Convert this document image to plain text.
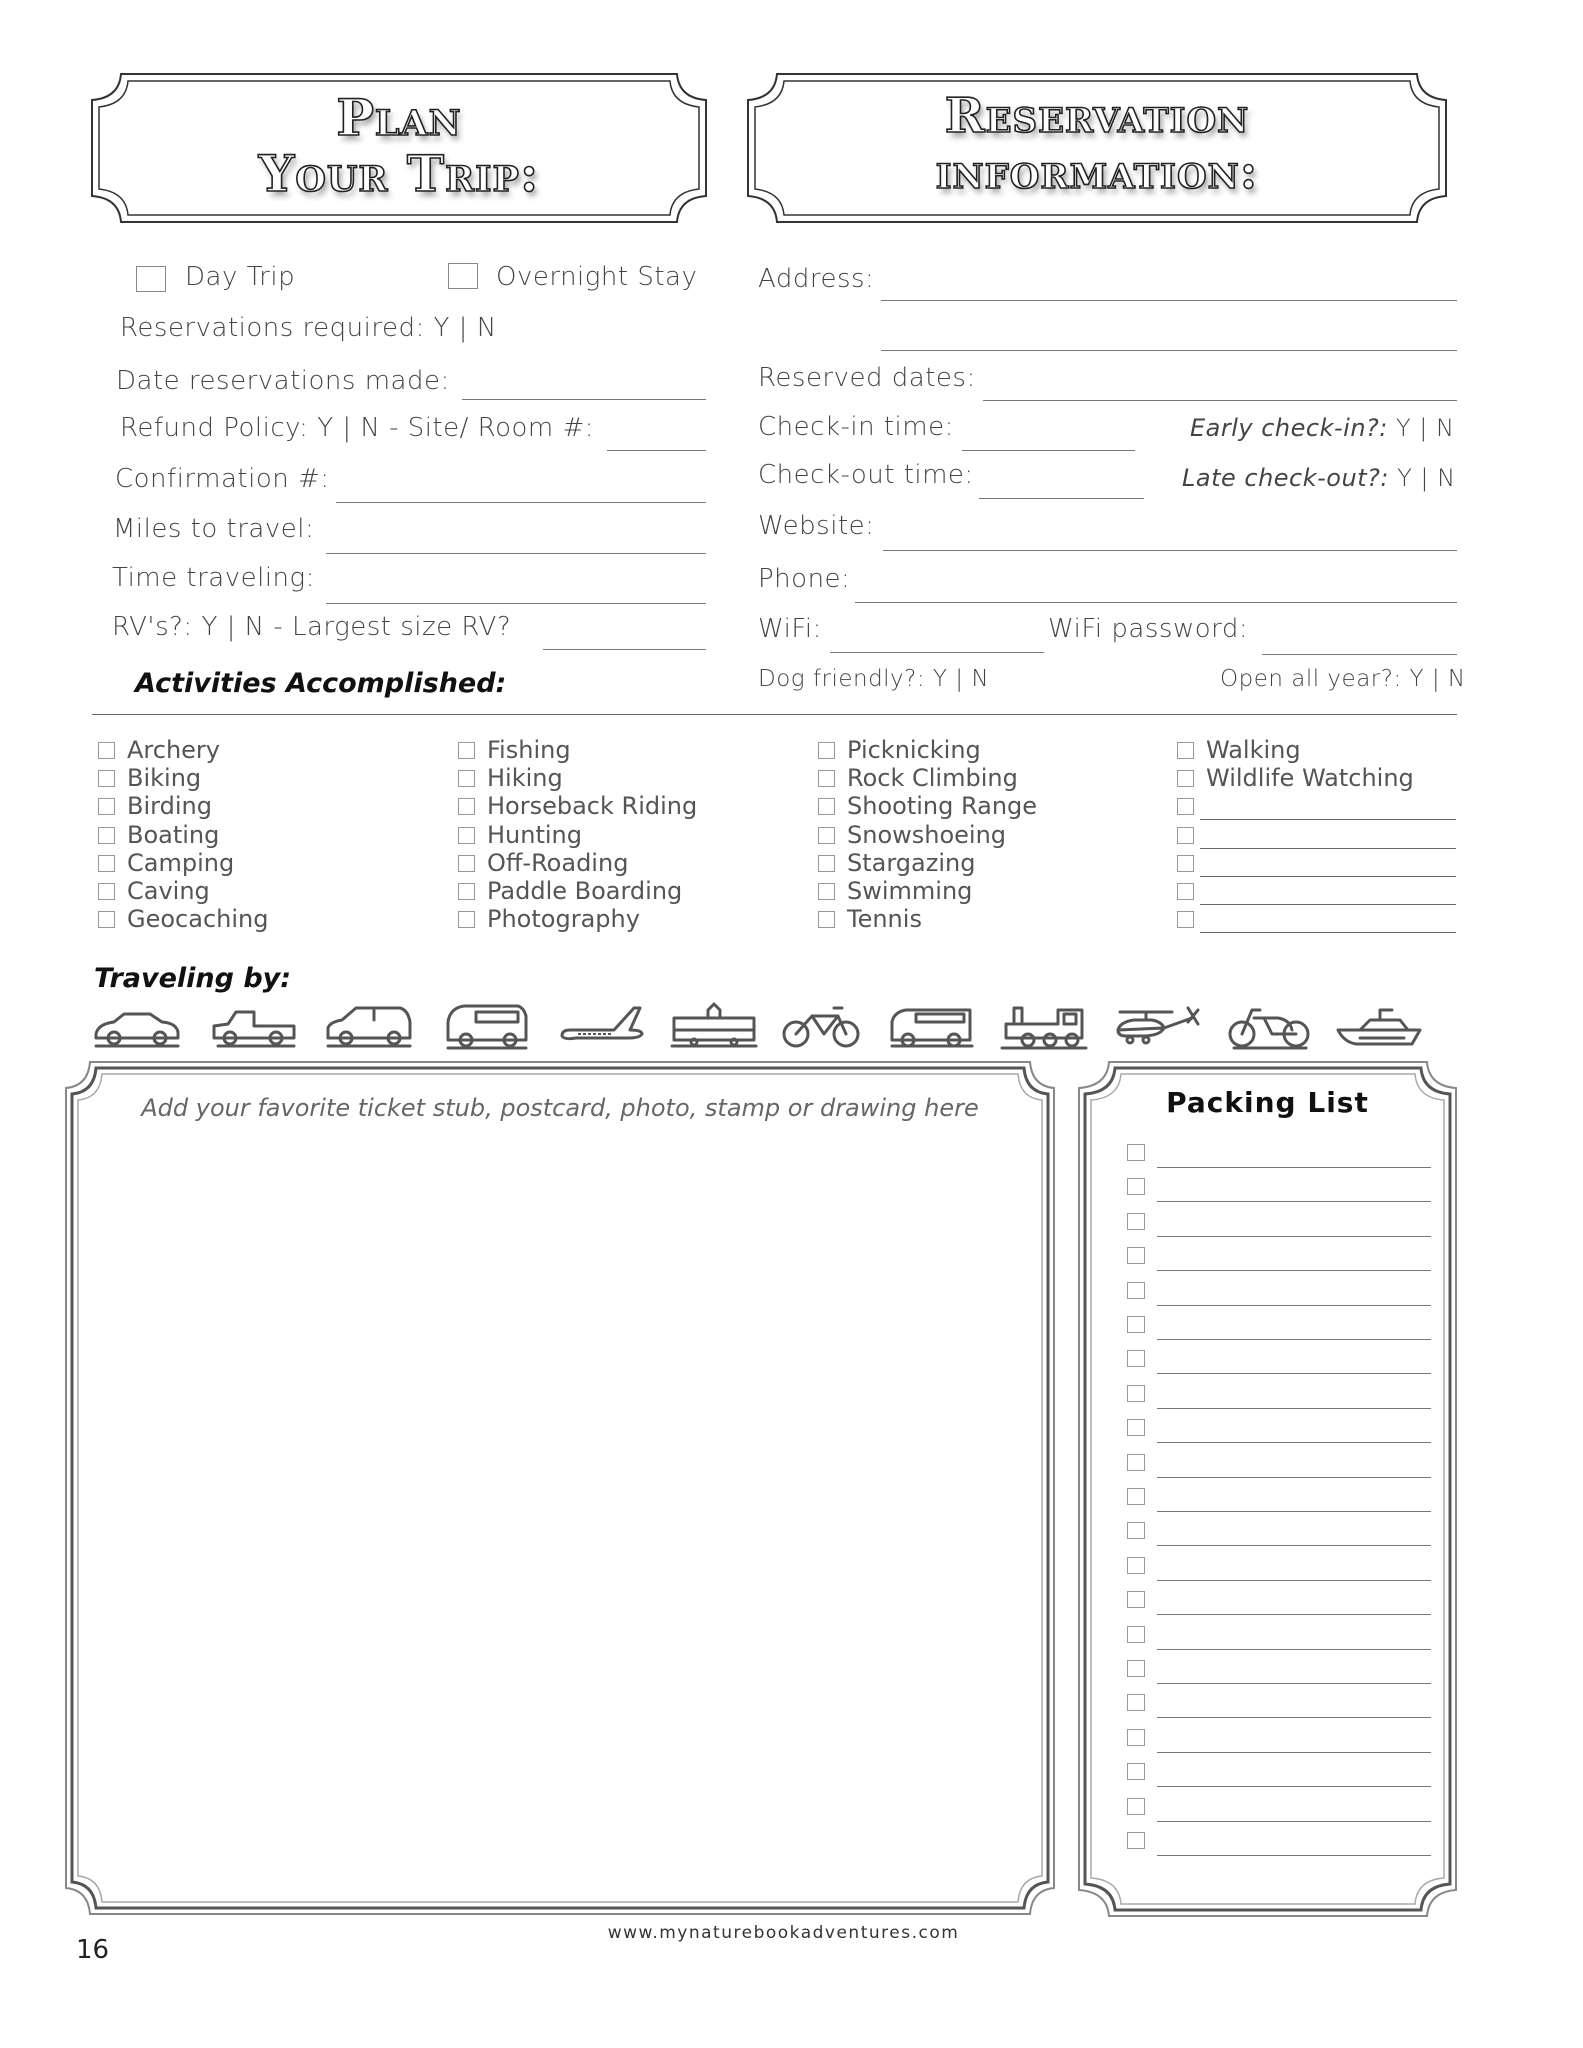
Plan
Your Trip:
Reservation
information:
Day Trip	Overnight Stay
Reservations required: Y | N
Date reservations made:
Refund Policy: Y | N - Site/ Room #:
Confirmation #:
Miles to travel:
Time traveling:
RV's?: Y | N - Largest size RV?
Activities Accomplished:
Address:
Reserved dates:
Check-in time:	Early check-in?: Y | N
Check-out time:	Late check-out?: Y | N
Website:
Phone:
WiFi:	WiFi password:
Dog friendly?: Y | N	Open all year?: Y | N
Archery
Biking
Birding
Boating
Camping
Caving
Geocaching
Fishing
Hiking
Horseback Riding
Hunting
Off-Roading
Paddle Boarding
Photography
Picknicking
Rock Climbing
Shooting Range
Snowshoeing
Stargazing
Swimming
Tennis
Walking
Wildlife Watching
Traveling by:
Add your favorite ticket stub, postcard, photo, stamp or drawing here	Packing List
www.mynaturebookadventures.com
16
